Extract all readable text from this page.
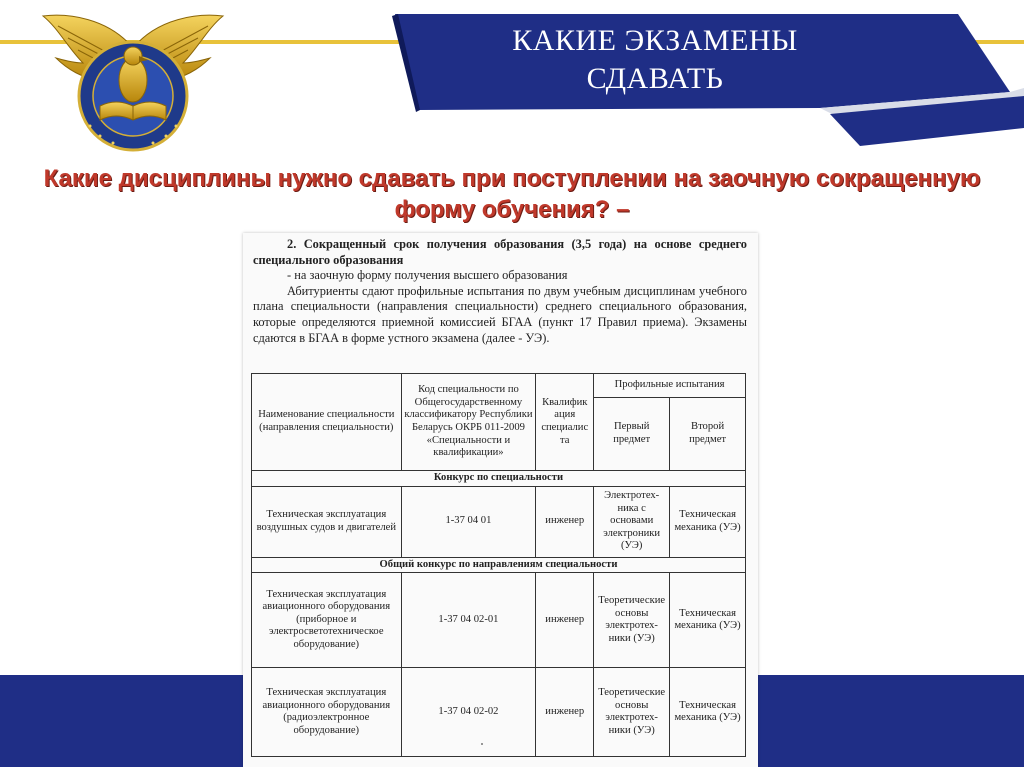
КАКИЕ ЭКЗАМЕНЫ
СДАВАТЬ
Какие дисциплины нужно сдавать при поступлении на заочную сокращенную
форму обучения? –

2. Сокращенный срок получения образования (3,5 года) на основе среднего специального образования

- на заочную форму получения высшего образования

Абитуриенты сдают профильные испытания по двум учебным дисциплинам учебного плана специальности (направления специальности) среднего специального образования, которые определяются приемной комиссией БГАА (пункт 17 Правил приема). Экзамены сдаются в БГАА в форме устного экзамена (далее - УЭ).

Наименование специальности (направления специальности)	Код специальности по Общегосударственному классификатору Республики Беларусь ОКРБ 011-2009 «Специальности и квалификации»	Квалифик ация специалис та	Профильные испытания	
			Первый предмет	Второй предмет
Конкурс по специальности				
Техническая эксплуатация воздушных судов и двигателей	1-37 04 01	инженер	Электротех-ника с основами электроники (УЭ)	Техническая механика (УЭ)
Общий конкурс по направлениям специальности				
Техническая эксплуатация авиационного оборудования (приборное и электросветотехническое оборудование)	1-37 04 02-01	инженер	Теоретические основы электротех-ники (УЭ)	Техническая механика (УЭ)
Техническая эксплуатация авиационного оборудования (радиоэлектронное оборудование)	1-37 04 02-02	инженер	Теоретические основы электротех-ники (УЭ)	Техническая механика (УЭ)
